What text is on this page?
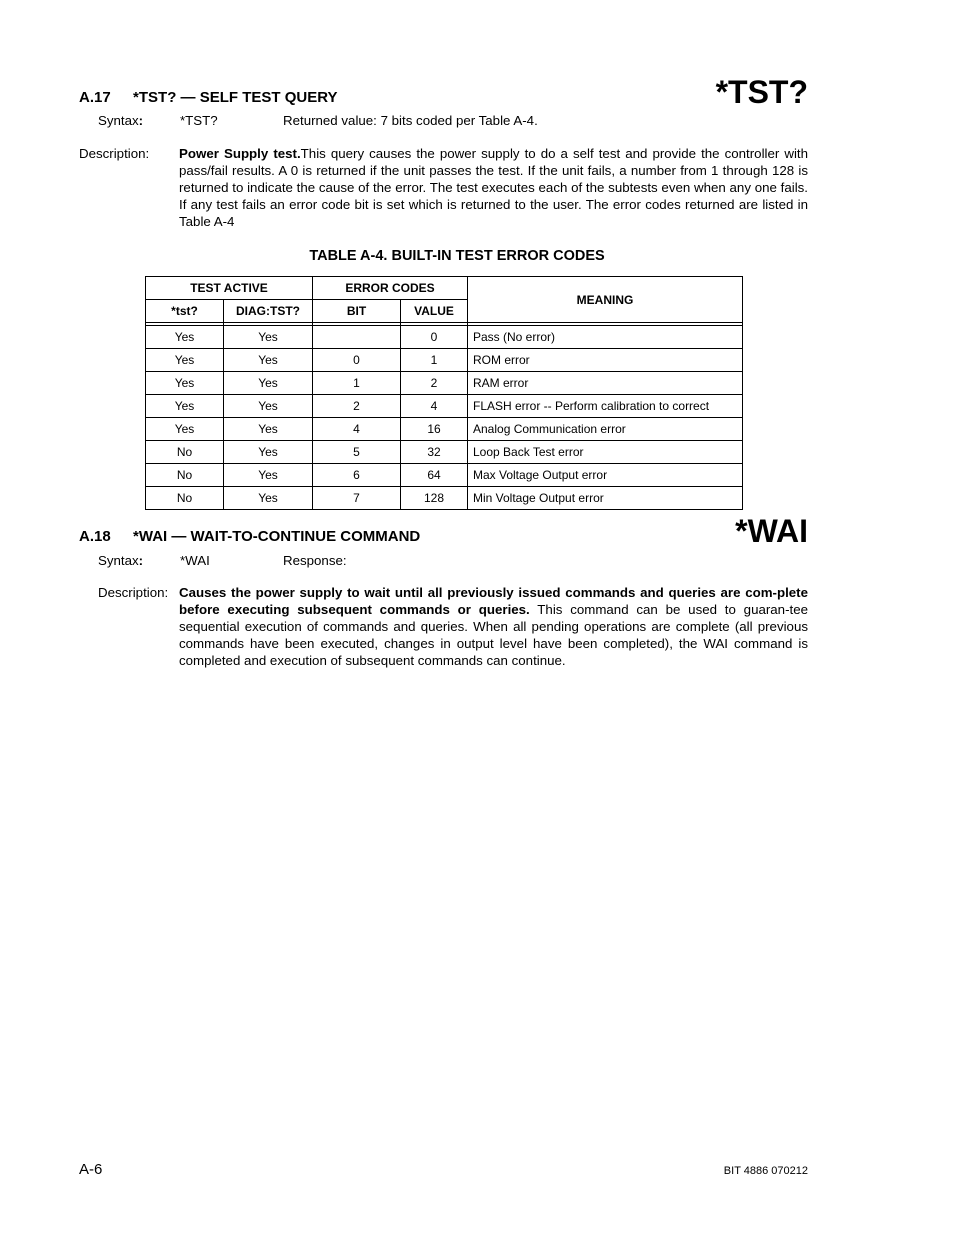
A.17 *TST? — SELF TEST QUERY	*TST?
Syntax:	*TST?	Returned value: 7 bits coded per Table A-4.
Description: Power Supply test.This query causes the power supply to do a self test and provide the controller with pass/fail results. A 0 is returned if the unit passes the test. If the unit fails, a number from 1 through 128 is returned to indicate the cause of the error. The test executes each of the subtests even when any one fails. If any test fails an error code bit is set which is returned to the user. The error codes returned are listed in Table A-4
TABLE A-4. BUILT-IN TEST ERROR CODES
TEST ACTIVE		ERROR CODES		MEANING
*tst?	DIAG:TST?	BIT	VALUE	

Yes	Yes		0	Pass (No error)
Yes	Yes	0	1	ROM error
Yes	Yes	1	2	RAM error
Yes	Yes	2	4	FLASH error -- Perform calibration to correct
Yes	Yes	4	16	Analog Communication error
No	Yes	5	32	Loop Back Test error
No	Yes	6	64	Max Voltage Output error
No	Yes	7	128	Min Voltage Output error
A.18 *WAI — WAIT-TO-CONTINUE COMMAND	*WAI
Syntax:	*WAI	Response:
Description: Causes the power supply to wait until all previously issued commands and queries are com-plete before executing subsequent commands or queries. This command can be used to guaran-tee sequential execution of commands and queries. When all pending operations are complete (all previous commands have been executed, changes in output level have been completed), the WAI command is completed and execution of subsequent commands can continue.
A-6	BIT 4886 070212
